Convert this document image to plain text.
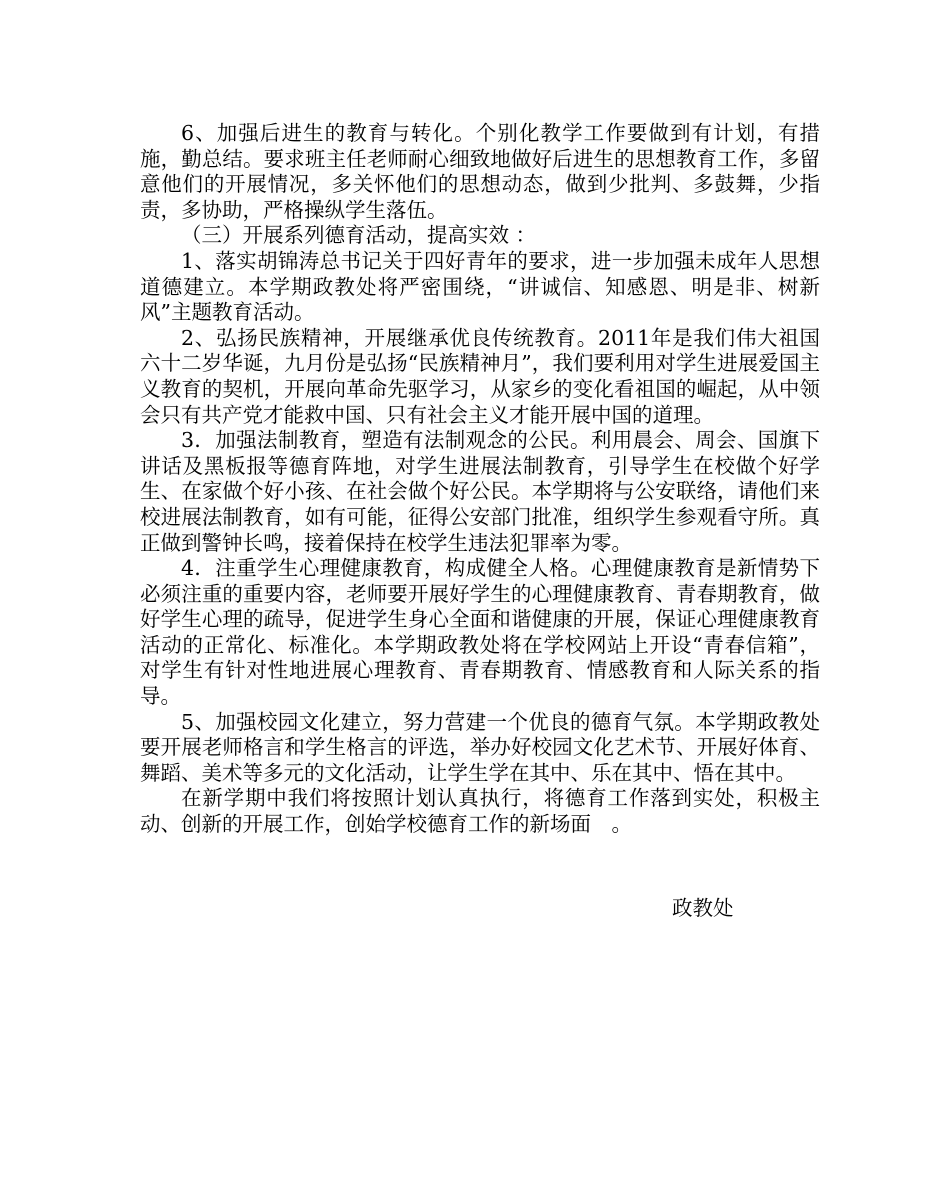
6、加强后进生的教育与转化。个别化教学工作要做到有计划，有措施，勤总结。要求班主任老师耐心细致地做好后进生的思想教育工作，多留意他们的开展情况，多关怀他们的思想动态，做到少批判、多鼓舞，少指责，多协助，严格操纵学生落伍。

（三）开展系列德育活动，提高实效 ：

1、落实胡锦涛总书记关于四好青年的要求，进一步加强未成年人思想道德建立。本学期政教处将严密围绕，“讲诚信、知感恩、明是非、树新风”主题教育活动。

2、弘扬民族精神，开展继承优良传统教育。2011年是我们伟大祖国六十二岁华诞，九月份是弘扬“民族精神月”，我们要利用对学生进展爱国主义教育的契机，开展向革命先驱学习，从家乡的变化看祖国的崛起，从中领会只有共产党才能救中国、只有社会主义才能开展中国的道理。

3．加强法制教育，塑造有法制观念的公民。利用晨会、周会、国旗下讲话及黑板报等德育阵地，对学生进展法制教育，引导学生在校做个好学生、在家做个好小孩、在社会做个好公民。本学期将与公安联络，请他们来校进展法制教育，如有可能，征得公安部门批准，组织学生参观看守所。真正做到警钟长鸣，接着保持在校学生违法犯罪率为零。

4．注重学生心理健康教育，构成健全人格。心理健康教育是新情势下必须注重的重要内容，老师要开展好学生的心理健康教育、青春期教育，做好学生心理的疏导，促进学生身心全面和谐健康的开展，保证心理健康教育活动的正常化、标准化。本学期政教处将在学校网站上开设“青春信箱”， 对学生有针对性地进展心理教育、青春期教育、情感教育和人际关系的指导。

5、加强校园文化建立，努力营建一个优良的德育气氛。本学期政教处要开展老师格言和学生格言的评选，举办好校园文化艺术节、开展好体育、舞蹈、美术等多元的文化活动，让学生学在其中、乐在其中、悟在其中。

在新学期中我们将按照计划认真执行，将德育工作落到实处，积极主动、创新的开展工作，创始学校德育工作的新场面　。

政教处
